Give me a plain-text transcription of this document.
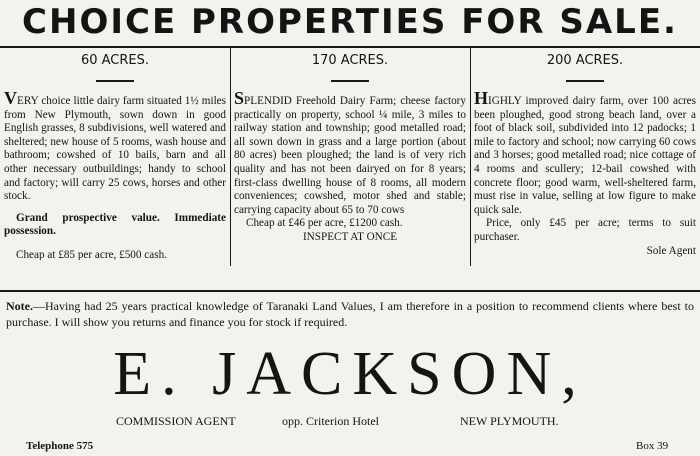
CHOICE PROPERTIES FOR SALE.
60 ACRES.

VERY choice little dairy farm situated 1½ miles from New Plymouth, sown down in good English grasses, 8 subdivisions, well watered and sheltered; new house of 5 rooms, wash house and bathroom; cowshed of 10 bails, barn and all other necessary outbuildings; handy to school and factory; will carry 25 cows, horses and other stock.

Grand prospective value. Immediate possession.

Cheap at £85 per acre, £500 cash.

170 ACRES.

SPLENDID Freehold Dairy Farm; cheese factory practically on property, school ¼ mile, 3 miles to railway station and township; good metalled road; all sown down in grass and a large portion (about 80 acres) been ploughed; the land is of very rich quality and has not been dairyed on for 8 years; first-class dwelling house of 8 rooms, all modern conveniences; cowshed, motor shed and stable; carrying capacity about 65 to 70 cows

Cheap at £46 per acre, £1200 cash.

INSPECT AT ONCE

200 ACRES.

HIGHLY improved dairy farm, over 100 acres been ploughed, good strong beach land, over a foot of black soil, subdivided into 12 padocks; 1 mile to factory and school; now carrying 60 cows and 3 horses; good metalled road; nice cottage of 4 rooms and scullery; 12-bail cowshed with concrete floor; good warm, well-sheltered farm, must rise in value, selling at low figure to make quick sale.

Price, only £45 per acre; terms to suit purchaser.

Sole Agent

Note.—Having had 25 years practical knowledge of Taranaki Land Values, I am therefore in a position to recommend clients where best to purchase. I will show you returns and finance you for stock if required.
E. JACKSON,
COMMISSION AGENT	opp. Criterion Hotel	NEW PLYMOUTH.
Telephone 575	Box 39
